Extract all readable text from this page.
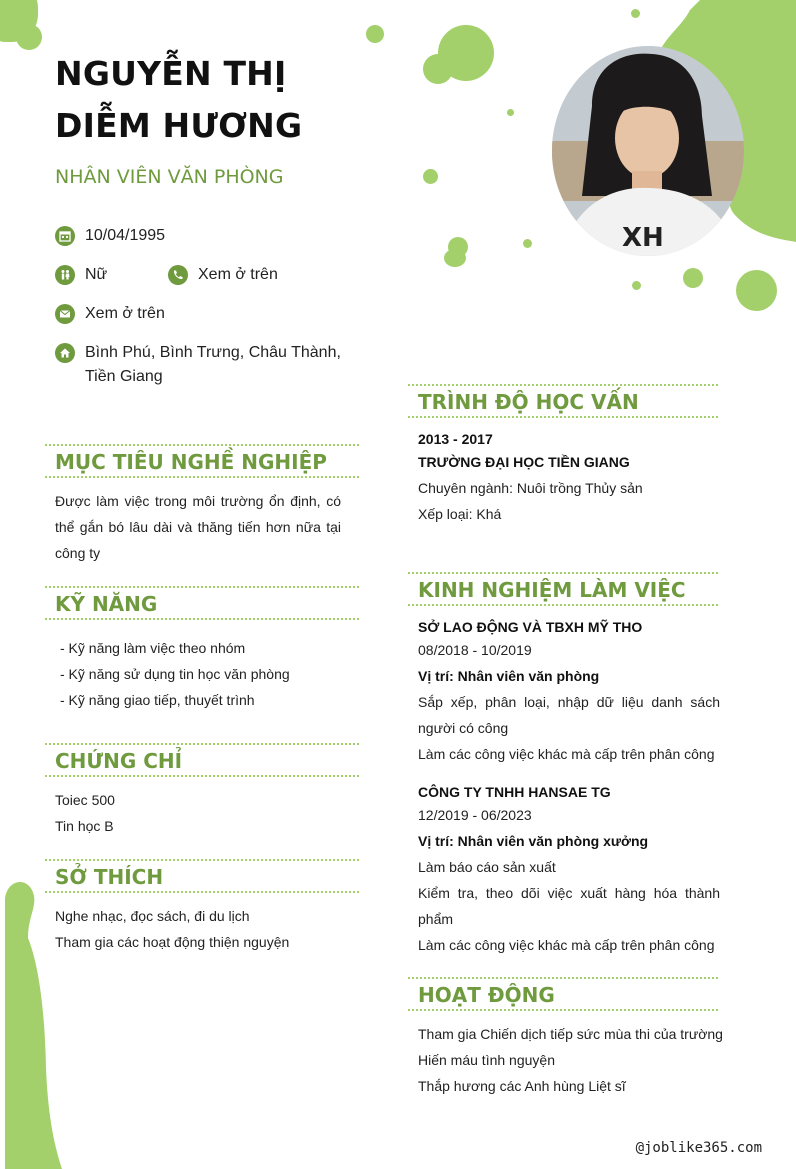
XH
NGUYỄN THỊ DIỄM HƯƠNG
NHÂN VIÊN VĂN PHÒNG
10/04/1995
Nữ	Xem ở trên
Xem ở trên
Bình Phú, Bình Trưng, Châu Thành, Tiền Giang
MỤC TIÊU NGHỀ NGHIỆP
Được làm việc trong môi trường ổn định, có thể gắn bó lâu dài và thăng tiến hơn nữa tại công ty
KỸ NĂNG
- Kỹ năng làm việc theo nhóm
- Kỹ năng sử dụng tin học văn phòng
- Kỹ năng giao tiếp, thuyết trình
CHỨNG CHỈ
Toiec 500
Tin học B
SỞ THÍCH
Nghe nhạc, đọc sách, đi du lịch
Tham gia các hoạt động thiện nguyện
TRÌNH ĐỘ HỌC VẤN
2013 - 2017
TRƯỜNG ĐẠI HỌC TIỀN GIANG
Chuyên ngành: Nuôi trồng Thủy sản
Xếp loại: Khá
KINH NGHIỆM LÀM VIỆC
SỞ LAO ĐỘNG VÀ TBXH MỸ THO
08/2018 - 10/2019
Vị trí: Nhân viên văn phòng
Sắp xếp, phân loại, nhập dữ liệu danh sách người có công
Làm các công việc khác mà cấp trên phân công
CÔNG TY TNHH HANSAE TG
12/2019 - 06/2023
Vị trí: Nhân viên văn phòng xưởng
Làm báo cáo sản xuất
Kiểm tra, theo dõi việc xuất hàng hóa thành phẩm
Làm các công việc khác mà cấp trên phân công
HOẠT ĐỘNG
Tham gia Chiến dịch tiếp sức mùa thi của trường
Hiến máu tình nguyện
Thắp hương các Anh hùng Liệt sĩ
@joblike365.com
